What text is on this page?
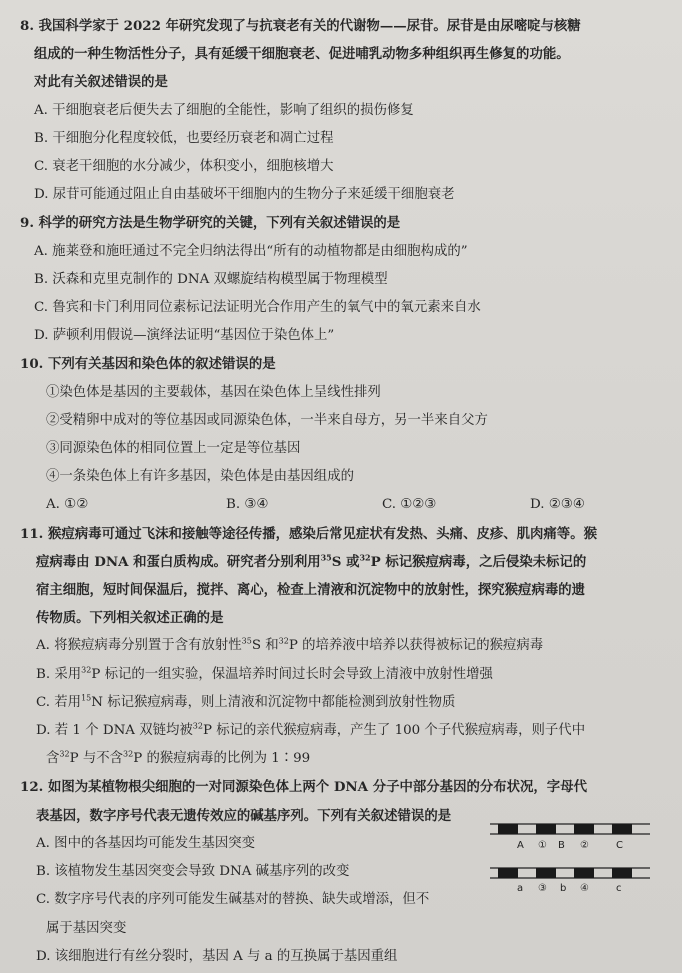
8. 我国科学家于 2022 年研究发现了与抗衰老有关的代谢物——尿苷。尿苷是由尿嘧啶与核糖
组成的一种生物活性分子，具有延缓干细胞衰老、促进哺乳动物多种组织再生修复的功能。
对此有关叙述错误的是
A. 干细胞衰老后便失去了细胞的全能性，影响了组织的损伤修复
B. 干细胞分化程度较低，也要经历衰老和凋亡过程
C. 衰老干细胞的水分减少，体积变小，细胞核增大
D. 尿苷可能通过阻止自由基破坏干细胞内的生物分子来延缓干细胞衰老
9. 科学的研究方法是生物学研究的关键，下列有关叙述错误的是
A. 施莱登和施旺通过不完全归纳法得出“所有的动植物都是由细胞构成的”
B. 沃森和克里克制作的 DNA 双螺旋结构模型属于物理模型
C. 鲁宾和卡门利用同位素标记法证明光合作用产生的氧气中的氧元素来自水
D. 萨顿利用假说—演绎法证明“基因位于染色体上”
10. 下列有关基因和染色体的叙述错误的是
①染色体是基因的主要载体，基因在染色体上呈线性排列
②受精卵中成对的等位基因或同源染色体，一半来自母方，另一半来自父方
③同源染色体的相同位置上一定是等位基因
④一条染色体上有许多基因，染色体是由基因组成的
A. ①②	B. ③④	C. ①②③	D. ②③④
11. 猴痘病毒可通过飞沫和接触等途径传播，感染后常见症状有发热、头痛、皮疹、肌肉痛等。猴
痘病毒由 DNA 和蛋白质构成。研究者分别利用$^{35}$S 或$^{32}$P 标记猴痘病毒，之后侵染未标记的
宿主细胞，短时间保温后，搅拌、离心，检查上清液和沉淀物中的放射性，探究猴痘病毒的遗
传物质。下列相关叙述正确的是
A. 将猴痘病毒分别置于含有放射性$^{35}$S 和$^{32}$P 的培养液中培养以获得被标记的猴痘病毒
B. 采用$^{32}$P 标记的一组实验，保温培养时间过长时会导致上清液中放射性增强
C. 若用$^{15}$N 标记猴痘病毒，则上清液和沉淀物中都能检测到放射性物质
D. 若 1 个 DNA 双链均被$^{32}$P 标记的亲代猴痘病毒，产生了 100 个子代猴痘病毒，则子代中
含$^{32}$P 与不含$^{32}$P 的猴痘病毒的比例为 1∶99
12. 如图为某植物根尖细胞的一对同源染色体上两个 DNA 分子中部分基因的分布状况，字母代
表基因，数字序号代表无遗传效应的碱基序列。下列有关叙述错误的是
A. 图中的各基因均可能发生基因突变
B. 该植物发生基因突变会导致 DNA 碱基序列的改变
C. 数字序号代表的序列可能发生碱基对的替换、缺失或增添，但不
属于基因突变
D. 该细胞进行有丝分裂时，基因 A 与 a 的互换属于基因重组
A ① B ②	C
a ③ b ④	c
